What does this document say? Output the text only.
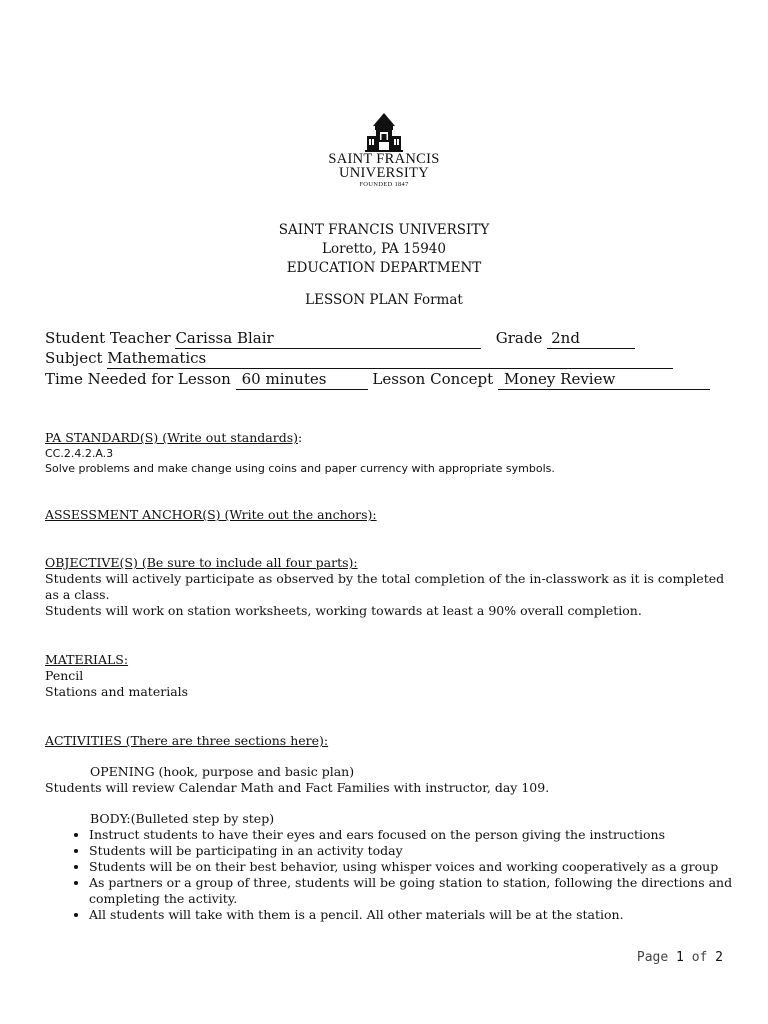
SAINT FRANCIS
UNIVERSITY
FOUNDED 1847
SAINT FRANCIS UNIVERSITY
Loretto, PA 15940
EDUCATION DEPARTMENT
LESSON PLAN Format
Student Teacher Carissa Blair	Grade 2nd
Subject Mathematics
Time Needed for Lesson 60 minutes	Lesson Concept Money Review
PA STANDARD(S) (Write out standards):
CC.2.4.2.A.3
Solve problems and make change using coins and paper currency with appropriate symbols.
ASSESSMENT ANCHOR(S) (Write out the anchors):
OBJECTIVE(S) (Be sure to include all four parts):
Students will actively participate as observed by the total completion of the in-classwork as it is completed as a class.
Students will work on station worksheets, working towards at least a 90% overall completion.
MATERIALS:
Pencil
Stations and materials
ACTIVITIES (There are three sections here):
OPENING (hook, purpose and basic plan)
Students will review Calendar Math and Fact Families with instructor, day 109.
BODY:(Bulleted step by step)
• Instruct students to have their eyes and ears focused on the person giving the instructions
• Students will be participating in an activity today
• Students will be on their best behavior, using whisper voices and working cooperatively as a group
• As partners or a group of three, students will be going station to station, following the directions and completing the activity.
• All students will take with them is a pencil. All other materials will be at the station.
Page 1 of 2
